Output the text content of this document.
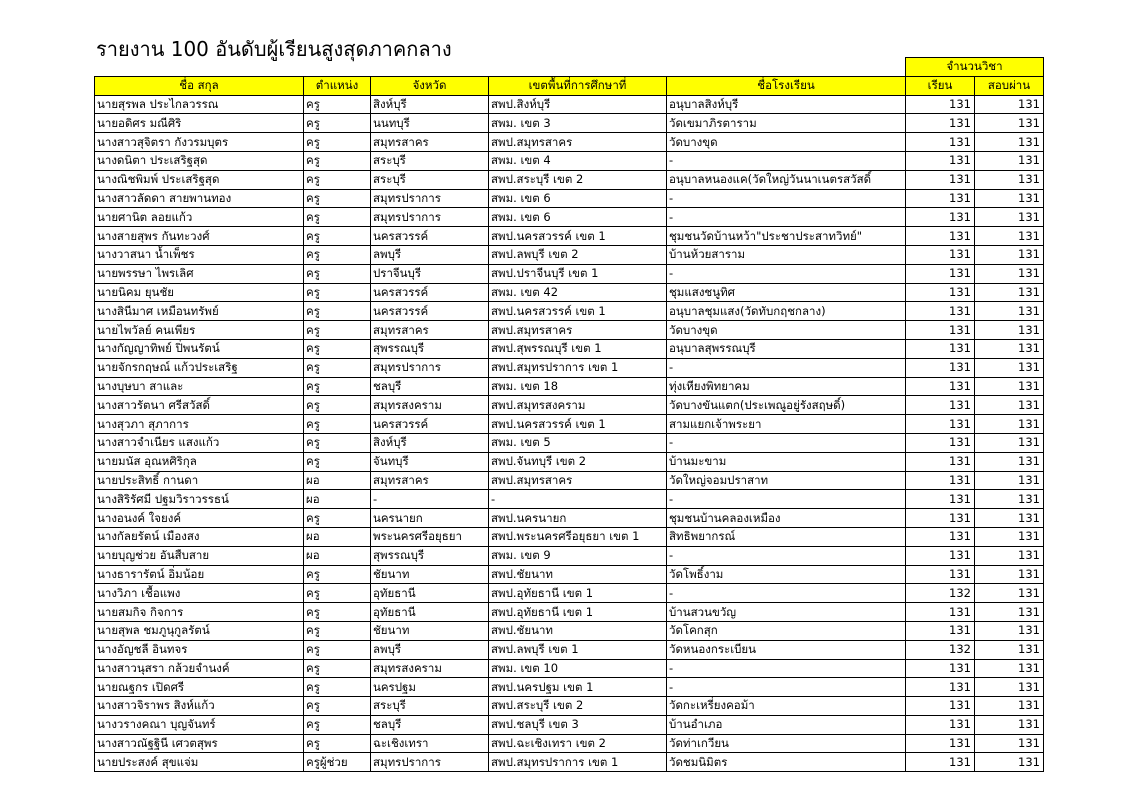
รายงาน 100 อันดับผู้เรียนสูงสุดภาคกลาง
					จำนวนวิชา	
ชื่อ สกุล	ตำแหน่ง	จังหวัด	เขตพื้นที่การศึกษาที่	ชื่อโรงเรียน	เรียน	สอบผ่าน
นายสุรพล ประไกลวรรณ	ครู	สิงห์บุรี	สพป.สิงห์บุรี	อนุบาลสิงห์บุรี	131	131
นายอดิศร มณีศิริ	ครู	นนทบุรี	สพม. เขต 3	วัดเขมาภิรตาราม	131	131
นางสาวสุจิตรา กังวรมบุตร	ครู	สมุทรสาคร	สพป.สมุทรสาคร	วัดบางขุด	131	131
นางดนิตา ประเสริฐสุด	ครู	สระบุรี	สพม. เขต 4	-	131	131
นางณิชพิมพ์ ประเสริฐสุด	ครู	สระบุรี	สพป.สระบุรี เขต 2	อนุบาลหนองแค(วัดใหญ่วันนาเนตรสวัสดิ์	131	131
นางสาวลัดดา สายพานทอง	ครู	สมุทรปราการ	สพม. เขต 6	-	131	131
นายศานิต ลอยแก้ว	ครู	สมุทรปราการ	สพม. เขต 6	-	131	131
นางสายสุพร กันทะวงศ์	ครู	นครสวรรค์	สพป.นครสวรรค์ เขต 1	ชุมชนวัดบ้านหว้า"ประชาประสาทวิทย์"	131	131
นางวาสนา น้ำเพ็ชร	ครู	ลพบุรี	สพป.ลพบุรี เขต 2	บ้านห้วยสาราม	131	131
นายพรรษา ไพรเลิศ	ครู	ปราจีนบุรี	สพป.ปราจีนบุรี เขต 1	-	131	131
นายนิคม ยุนชัย	ครู	นครสวรรค์	สพม. เขต 42	ชุมแสงชนูทิศ	131	131
นางสินีมาศ เหมือนทรัพย์	ครู	นครสวรรค์	สพป.นครสวรรค์ เขต 1	อนุบาลชุมแสง(วัดทับกฤชกลาง)	131	131
นายไพวัลย์ คนเพียร	ครู	สมุทรสาคร	สพป.สมุทรสาคร	วัดบางขุด	131	131
นางกัญญาทิพย์ ปิ่พนรัตน์	ครู	สุพรรณบุรี	สพป.สุพรรณบุรี เขต 1	อนุบาลสุพรรณบุรี	131	131
นายจักรกฤษณ์ แก้วประเสริฐ	ครู	สมุทรปราการ	สพป.สมุทรปราการ เขต 1	-	131	131
นางบุษบา สาและ	ครู	ชลบุรี	สพม. เขต 18	ทุ่งเหียงพิทยาคม	131	131
นางสาวรัตนา ศรีสวัสดิ์	ครู	สมุทรสงคราม	สพป.สมุทรสงคราม	วัดบางขันแตก(ประเพณูอยู่รังสฤษดิ์)	131	131
นางสุวภา สุภาการ	ครู	นครสวรรค์	สพป.นครสวรรค์ เขต 1	สามแยกเจ้าพระยา	131	131
นางสาวจำเนียร แสงแก้ว	ครู	สิงห์บุรี	สพม. เขต 5	-	131	131
นายมนัส อุณหศิริกุล	ครู	จันทบุรี	สพป.จันทบุรี เขต 2	บ้านมะขาม	131	131
นายประสิทธิ์ กานดา	ผอ	สมุทรสาคร	สพป.สมุทรสาคร	วัดใหญ่จอมปราสาท	131	131
นางสิริรัศมี ปฐมวิราวรรธน์	ผอ	-	-	-	131	131
นางอนงค์ ใจยงค์	ครู	นครนายก	สพป.นครนายก	ชุมชนบ้านคลองเหมือง	131	131
นางกัลยรัตน์ เมืองสง	ผอ	พระนครศรีอยุธยา	สพป.พระนครศรีอยุธยา เขต 1	สิทธิพยากรณ์	131	131
นายบุญช่วย อันสืบสาย	ผอ	สุพรรณบุรี	สพม. เขต 9	-	131	131
นางธารารัตน์ อิ่มน้อย	ครู	ชัยนาท	สพป.ชัยนาท	วัดโพธิ์งาม	131	131
นางวิภา เชื้อแพง	ครู	อุทัยธานี	สพป.อุทัยธานี เขต 1	-	132	131
นายสมกิจ กิจการ	ครู	อุทัยธานี	สพป.อุทัยธานี เขต 1	บ้านสวนขวัญ	131	131
นายสุพล ชมภูนุกูลรัตน์	ครู	ชัยนาท	สพป.ชัยนาท	วัดโคกสุก	131	131
นางอัญชลี อินทจร	ครู	ลพบุรี	สพป.ลพบุรี เขต 1	วัดหนองกระเบียน	132	131
นางสาวนุสรา กล้วยจำนงค์	ครู	สมุทรสงคราม	สพม. เขต 10	-	131	131
นายณฐกร เปิดศรี	ครู	นครปฐม	สพป.นครปฐม เขต 1	-	131	131
นางสาวจิราพร สิงห์แก้ว	ครู	สระบุรี	สพป.สระบุรี เขต 2	วัดกะเหรี่ยงคอม้า	131	131
นางวรางคณา บุญจันทร์	ครู	ชลบุรี	สพป.ชลบุรี เขต 3	บ้านอำเภอ	131	131
นางสาวณัฐฐินี เศวตสุพร	ครู	ฉะเชิงเทรา	สพป.ฉะเชิงเทรา เขต 2	วัดท่าเกวียน	131	131
นายประสงค์ สุขแจ่ม	ครูผู้ช่วย	สมุทรปราการ	สพป.สมุทรปราการ เขต 1	วัดชมนิมิตร	131	131
